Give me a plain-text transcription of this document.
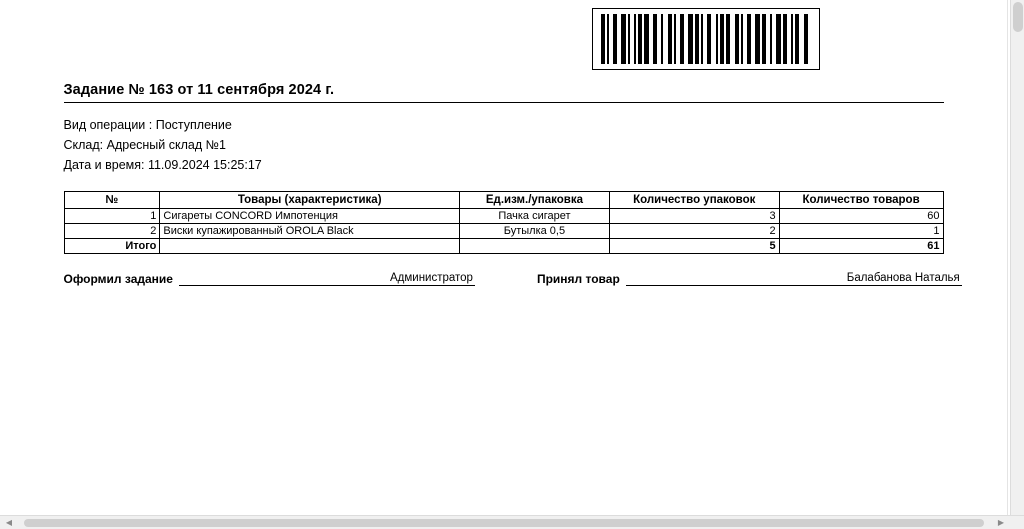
Задание № 163 от 11 сентября 2024 г.
Вид операции : Поступление
Склад: Адресный склад №1
Дата и время: 11.09.2024 15:25:17
№	Товары (характеристика)	Ед.изм./упаковка	Количество упаковок	Количество товаров
1	Сигареты CONCORD Импотенция	Пачка сигарет	3	60
2	Виски купажированный OROLA Black	Бутылка 0,5	2	1
Итого			5	61
Оформил задание	Администратор	Принял товар	Балабанова Наталья
◀	▶
